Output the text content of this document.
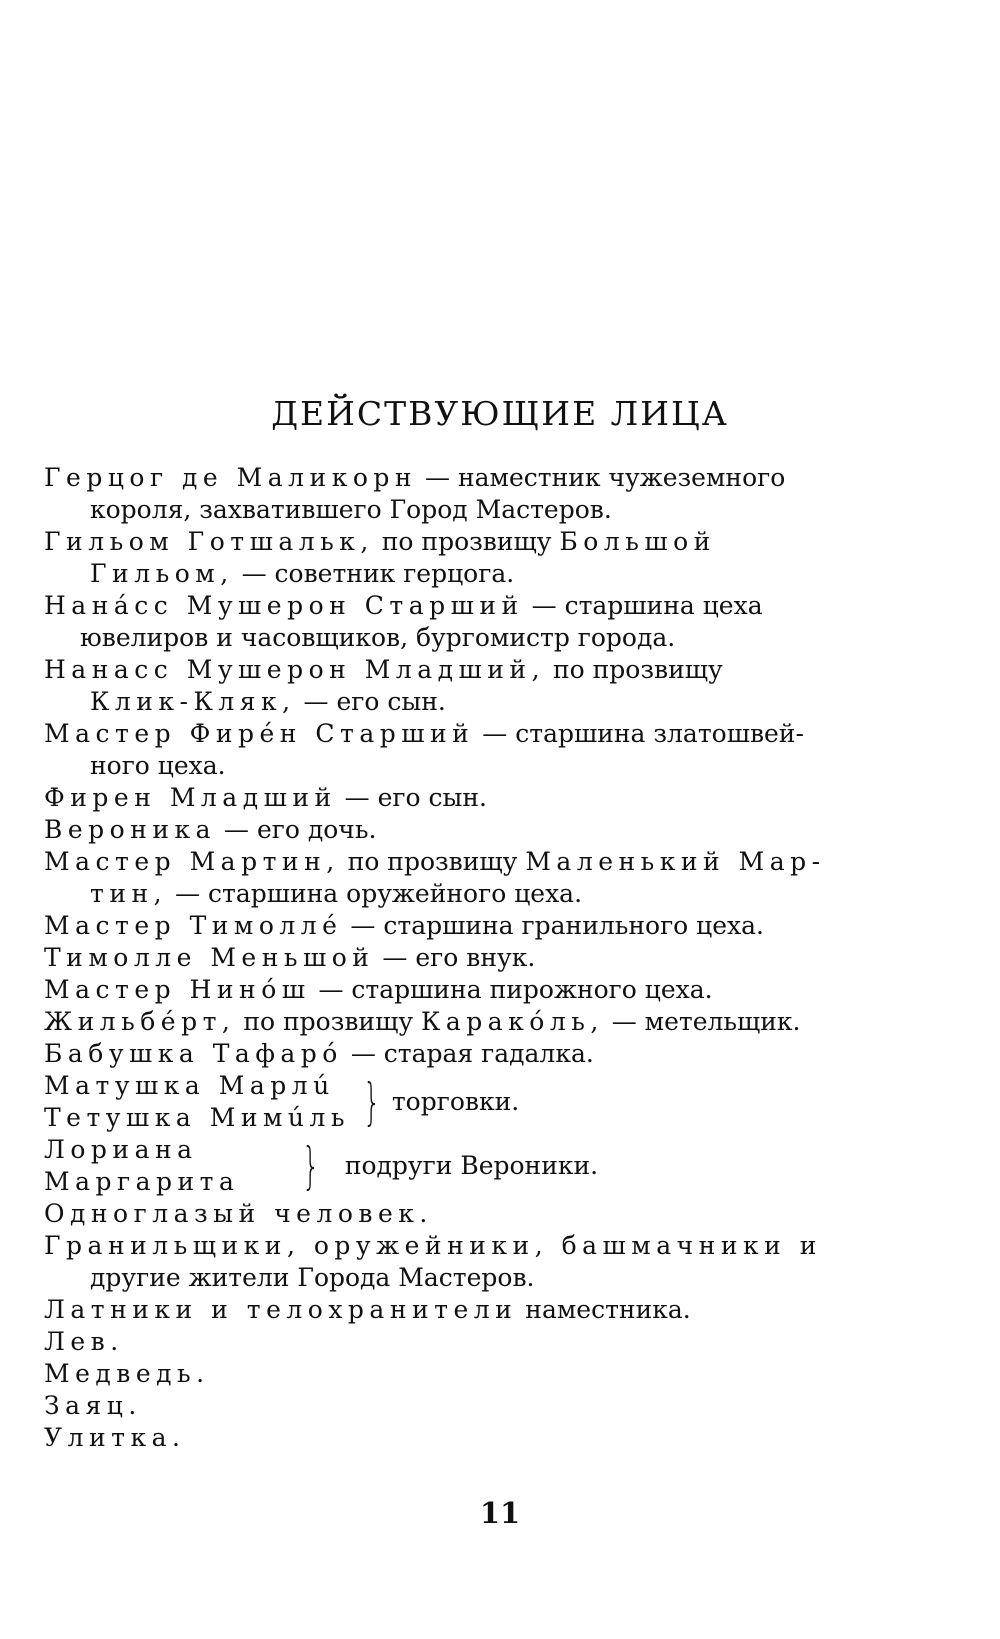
ДЕЙСТВУЮЩИЕ ЛИЦА
Герцог де Маликорн — наместник чужеземного
короля, захватившего Город Мастеров.
Гильом Готшальк, по прозвищу Большой
Гильом, — советник герцога.
Нана́сс Мушерон Старший — старшина цеха
ювелиров и часовщиков, бургомистр города.
Нанасс Мушерон Младший, по прозвищу
Клик-Кляк, — его сын.
Мастер Фирéн Старший — старшина златошвей-
ного цеха.
Фирен Младший — его сын.
Вероника — его дочь.
Мастер Мартин, по прозвищу Маленький Мар-
тин, — старшина оружейного цеха.
Мастер Тимоллé — старшина гранильного цеха.
Тимолле Меньшой — его внук.
Мастер Нинóш — старшина пирожного цеха.
Жильбéрт, по прозвищу Каракóль, — метельщик.
Бабушка Тафарó — старая гадалка.
Матушка Марлú
Тетушка Мимúль } торговки.
Лориана
Маргарита	} подруги Вероники.
Одноглазый человек.
Гранильщики, оружейники, башмачники и
другие жители Города Мастеров.
Латники и телохранители наместника.
Лев.
Медведь.
Заяц.
Улитка.
11
